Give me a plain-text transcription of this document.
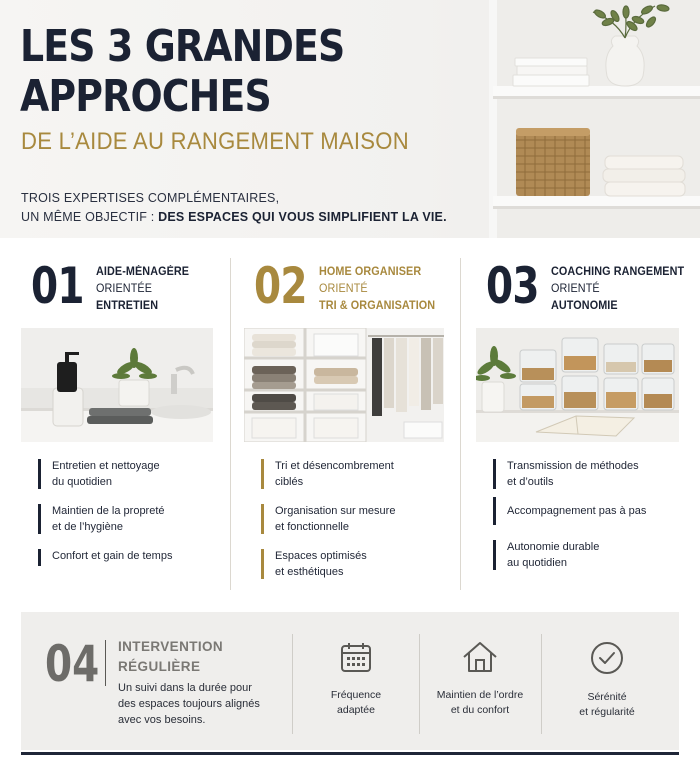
LES 3 GRANDES
APPROCHES
DE L’AIDE AU RANGEMENT MAISON
TROIS EXPERTISES COMPLÉMENTAIRES,
UN MÊME OBJECTIF : DES ESPACES QUI VOUS SIMPLIFIENT LA VIE.
01 AIDE-MÉNAGÈRE
ORIENTÉE
ENTRETIEN
Entretien et nettoyage
du quotidien
Maintien de la propreté
et de l’hygiène
Confort et gain de temps
02 HOME ORGANISER
ORIENTÉ
TRI & ORGANISATION
Tri et désencombrement
ciblés
Organisation sur mesure
et fonctionnelle
Espaces optimisés
et esthétiques
03 COACHING RANGEMENT
ORIENTÉ
AUTONOMIE
Transmission de méthodes
et d’outils
Accompagnement pas à pas
Autonomie durable
au quotidien
04 INTERVENTION
RÉGULIÈRE
Un suivi dans la durée pour
des espaces toujours alignés
avec vos besoins.
Fréquence
adaptée
Maintien de l’ordre
et du confort
Sérénité
et régularité
